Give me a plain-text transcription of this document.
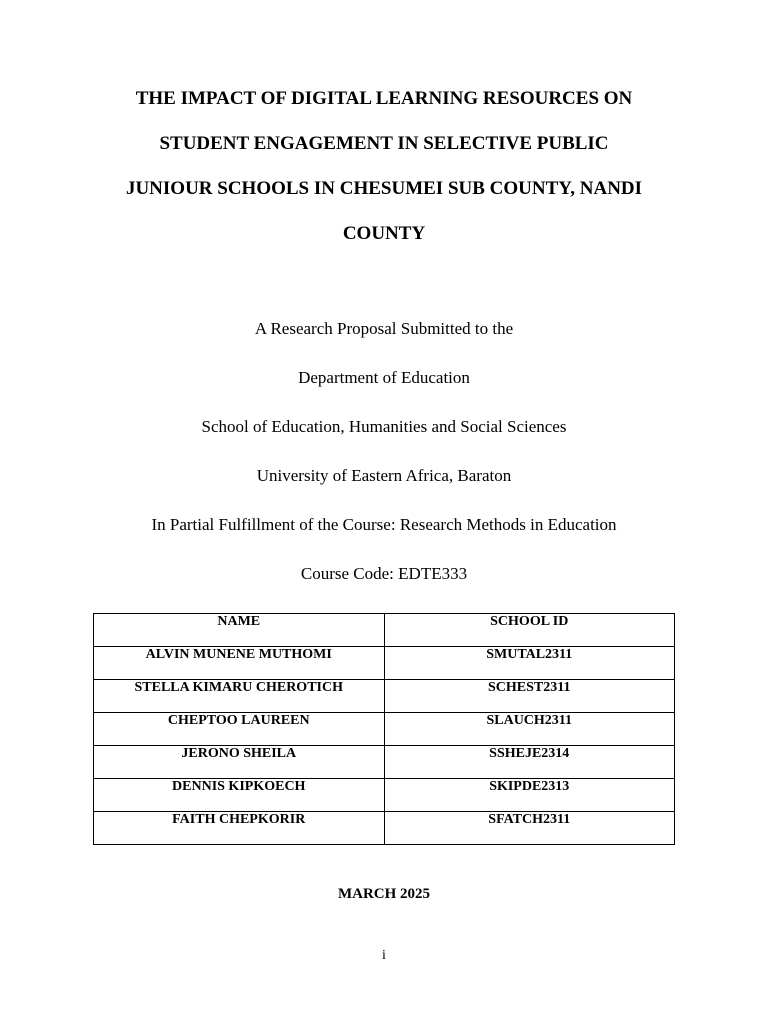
THE IMPACT OF DIGITAL LEARNING RESOURCES ON
STUDENT ENGAGEMENT IN SELECTIVE PUBLIC
JUNIOUR SCHOOLS IN CHESUMEI SUB COUNTY, NANDI
COUNTY
A Research Proposal Submitted to the
Department of Education
School of Education, Humanities and Social Sciences
University of Eastern Africa, Baraton
In Partial Fulfillment of the Course: Research Methods in Education
Course Code: EDTE333
NAME	SCHOOL ID
ALVIN MUNENE MUTHOMI	SMUTAL2311
STELLA KIMARU CHEROTICH	SCHEST2311
CHEPTOO LAUREEN	SLAUCH2311
JERONO SHEILA	SSHEJE2314
DENNIS KIPKOECH	SKIPDE2313
FAITH CHEPKORIR	SFATCH2311
MARCH 2025
i
